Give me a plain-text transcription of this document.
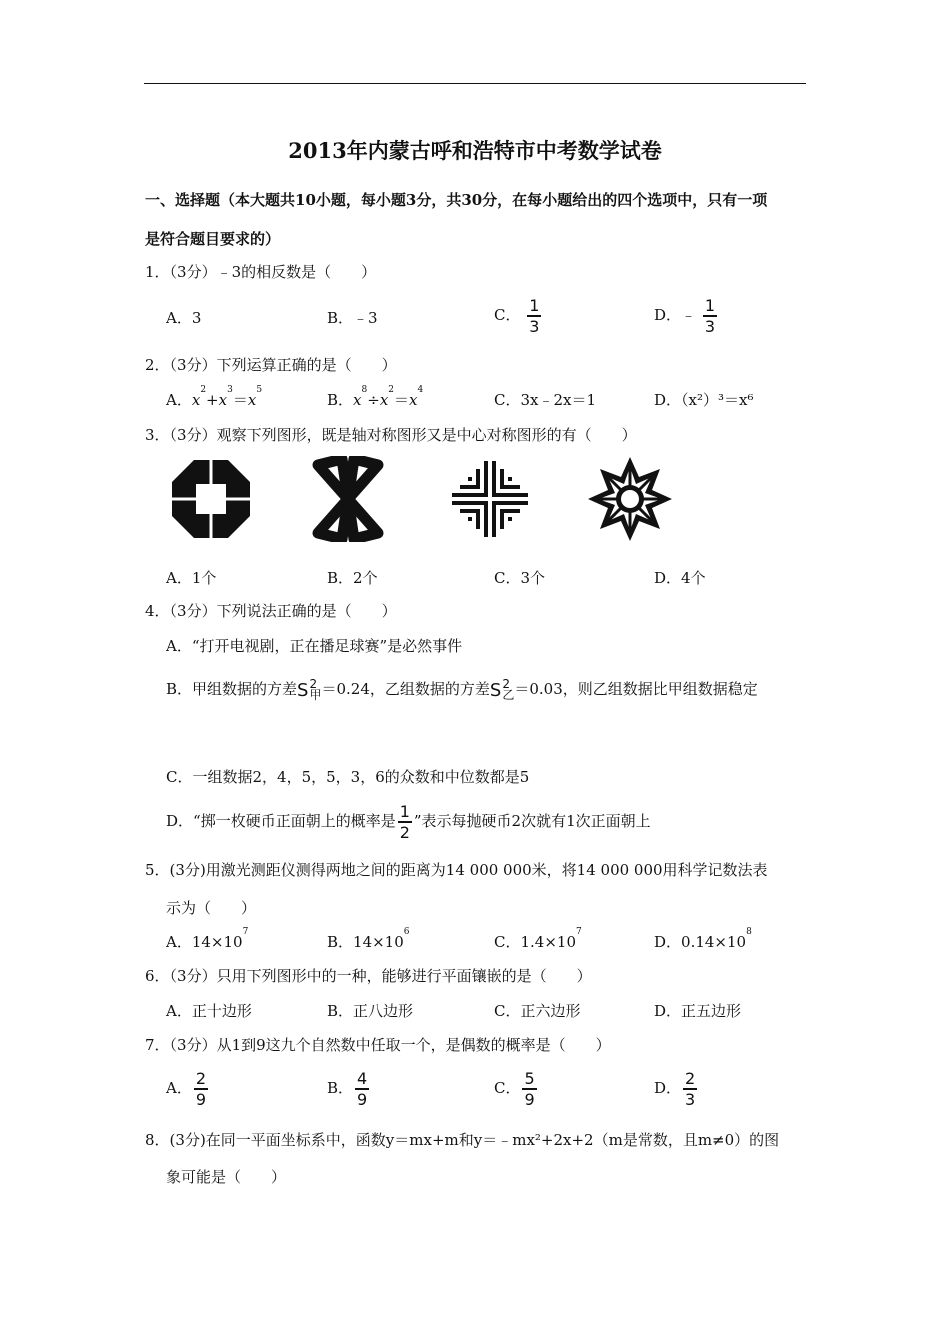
2013年内蒙古呼和浩特市中考数学试卷
一、选择题（本大题共10小题，每小题3分，共30分，在每小题给出的四个选项中，只有一项
是符合题目要求的）
1．（3分）﹣3的相反数是（　　）
A．3	B．﹣3	C． $\frac{1}{3}$	D．﹣ $\frac{1}{3}$
2．（3分）下列运算正确的是（　　）
A．$x^2+x^3=x^5$
B．$x^8\div x^2=x^4$
C．3x﹣2x＝1	D．（x²）³＝x⁶
3．（3分）观察下列图形，既是轴对称图形又是中心对称图形的有（　　）
A．1个	B．2个	C．3个	D．4个
4．（3分）下列说法正确的是（　　）
A．“打开电视剧，正在播足球赛”是必然事件
B．甲组数据的方差 S 2
甲 ＝0.24，乙组数据的方差 S 2
乙 ＝0.03，则乙组数据比甲组数据稳定
C．一组数据2，4，5，5，3，6的众数和中位数都是5
D．“掷一枚硬币正面朝上的概率是 $\frac{1}{2}$ ”表示每抛硬币2次就有1次正面朝上
5．(3分)用激光测距仪测得两地之间的距离为14 000 000米，将14 000 000用科学记数法表
示为（　　）
A．$14\times 10^7$
B．$14\times 10^6$
C．$1.4\times 10^7$
D．$0.14\times 10^8$
6．（3分）只用下列图形中的一种，能够进行平面镶嵌的是（　　）
A．正十边形	B．正八边形	C．正六边形	D．正五边形
7．（3分）从1到9这九个自然数中任取一个，是偶数的概率是（　　）
A． $\frac{2}{9}$	B． $\frac{4}{9}$	C． $\frac{5}{9}$	D． $\frac{2}{3}$
8．(3分)在同一平面坐标系中，函数y＝mx+m和y＝﹣mx²+2x+2（m是常数，且m≠0）的图
象可能是（　　）
